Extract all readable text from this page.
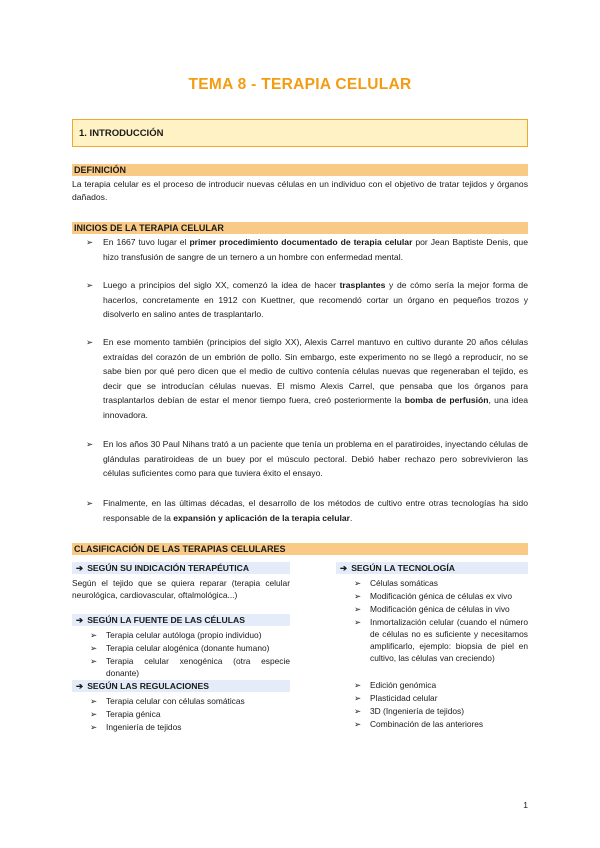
TEMA 8 - TERAPIA CELULAR
1. INTRODUCCIÓN
DEFINICIÓN
La terapia celular es el proceso de introducir nuevas células en un individuo con el objetivo de tratar tejidos y órganos dañados.
INICIOS DE LA TERAPIA CELULAR
➢	En 1667 tuvo lugar el primer procedimiento documentado de terapia celular por Jean Baptiste Denis, que hizo transfusión de sangre de un ternero a un hombre con enfermedad mental.
➢	Luego a principios del siglo XX, comenzó la idea de hacer trasplantes y de cómo sería la mejor forma de hacerlos, concretamente en 1912 con Kuettner, que recomendó cortar un órgano en pequeños trozos y disolverlo en salino antes de trasplantarlo.
➢	En ese momento también (principios del siglo XX), Alexis Carrel mantuvo en cultivo durante 20 años células extraídas del corazón de un embrión de pollo. Sin embargo, este experimento no se llegó a reproducir, no se sabe bien por qué pero dicen que el medio de cultivo contenía células nuevas que regeneraban el tejido, es decir que se introducían células nuevas. El mismo Alexis Carrel, que pensaba que los órganos para trasplantarlos debían de estar el menor tiempo fuera, creó posteriormente la bomba de perfusión, una idea innovadora.
➢	En los años 30 Paul Nihans trató a un paciente que tenía un problema en el paratiroides, inyectando células de glándulas paratiroideas de un buey por el músculo pectoral. Debió haber rechazo pero sobrevivieron las células suficientes como para que tuviera éxito el ensayo.
➢	Finalmente, en las últimas décadas, el desarrollo de los métodos de cultivo entre otras tecnologías ha sido responsable de la expansión y aplicación de la terapia celular.
CLASIFICACIÓN DE LAS TERAPIAS CELULARES
➔ SEGÚN SU INDICACIÓN TERAPÉUTICA
Según el tejido que se quiera reparar (terapia celular neurológica, cardiovascular, oftalmológica...)
➔ SEGÚN LA FUENTE DE LAS CÉLULAS
➢ Terapia celular autóloga (propio individuo)
➢ Terapia celular alogénica (donante humano)
➢ Terapia celular xenogénica (otra especie donante)
➔ SEGÚN LAS REGULACIONES
➢ Terapia celular con células somáticas
➢ Terapia génica
➢ Ingeniería de tejidos
➔ SEGÚN LA TECNOLOGÍA
➢ Células somáticas
➢ Modificación génica de células ex vivo
➢ Modificación génica de células in vivo
➢ Inmortalización celular (cuando el número de células no es suficiente y necesitamos amplificarlo, ejemplo: biopsia de piel en cultivo, las células van creciendo)
➢ Edición genómica
➢ Plasticidad celular
➢ 3D (Ingeniería de tejidos)
➢ Combinación de las anteriores
1
